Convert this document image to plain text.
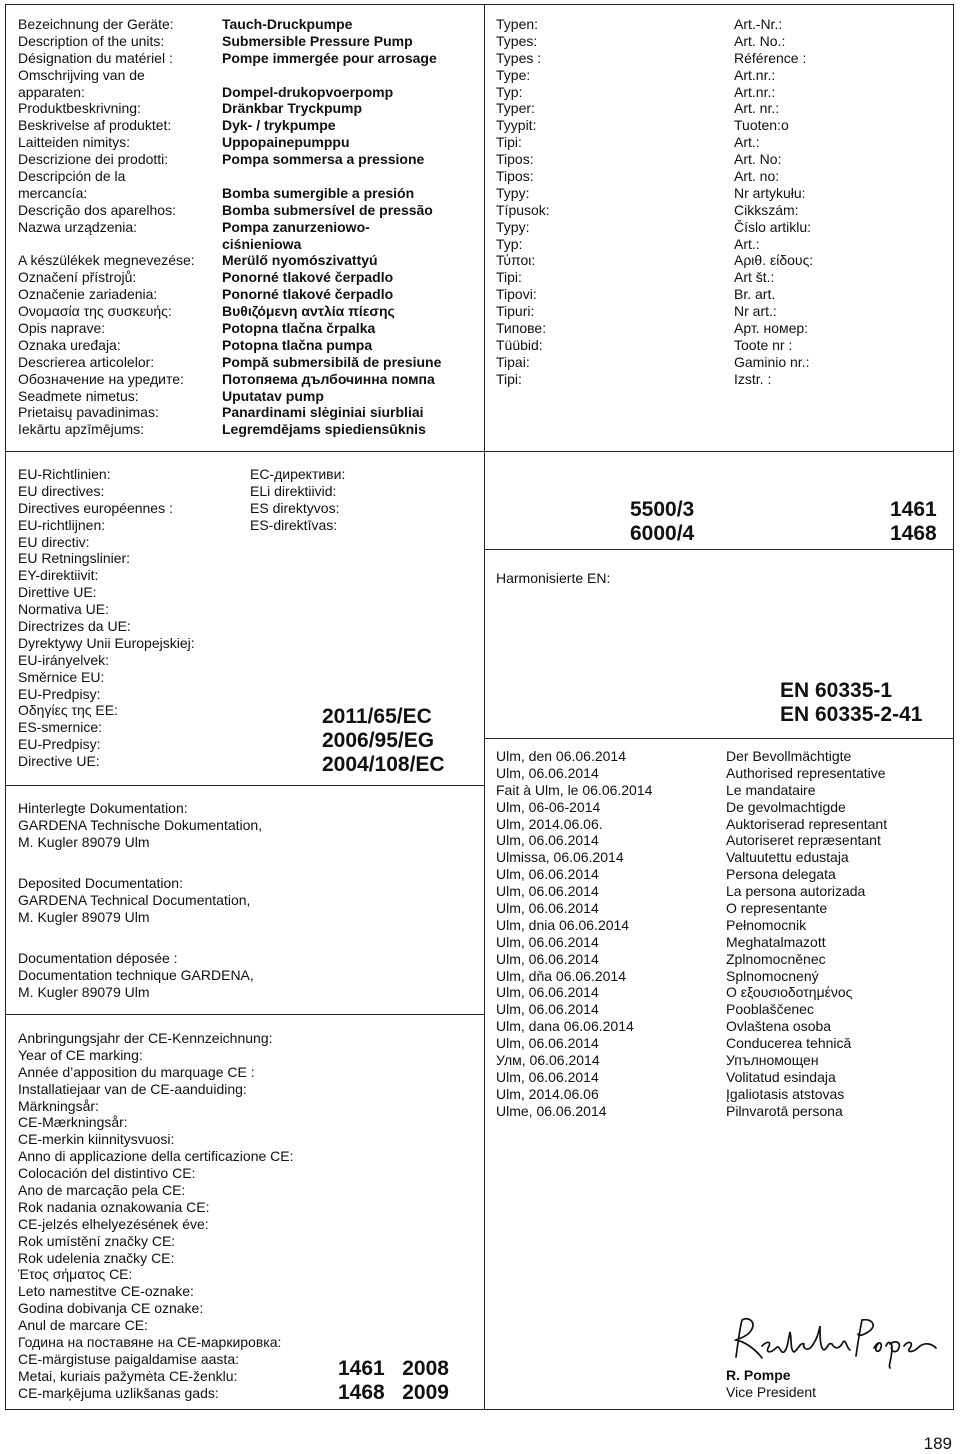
Bezeichnung der Geräte:
Description of the units:
Désignation du matériel :
Omschrijving van de
apparaten:
Produktbeskrivning:
Beskrivelse af produktet:
Laitteiden nimitys:
Descrizione dei prodotti:
Descripción de la
mercancía:
Descrição dos aparelhos:
Nazwa urządzenia:
A készülékek megnevezése:
Označení přístrojů:
Označenie zariadenia:
Ονομασία της συσκευής:
Opis naprave:
Oznaka uređaja:
Descrierea articolelor:
Обозначение на уредите:
Seadmete nimetus:
Prietaisų pavadinimas:
Iekārtu apzīmējums:
Tauch-Druckpumpe
Submersible Pressure Pump
Pompe immergée pour arrosage
Dompel-drukopvoerpomp
Dränkbar Tryckpump
Dyk- / trykpumpe
Uppopainepumppu
Pompa sommersa a pressione
Bomba sumergible a presión
Bomba submersível de pressão
Pompa zanurzeniowo-
ciśnieniowa
Merülő nyomószivattyú
Ponorné tlakové čerpadlo
Ponorné tlakové čerpadlo
Βυθιζόμενη αντλία πίεσης
Potopna tlačna črpalka
Potopna tlačna pumpa
Pompă submersibilă de presiune
Потопяема дълбочинна помпа
Uputatav pump
Panardinami slėginiai siurbliai
Legremdējams spiediensūknis
Typen:
Types:
Types :
Type:
Typ:
Typer:
Tyypit:
Tipi:
Tipos:
Tipos:
Typy:
Típusok:
Typy:
Typ:
Τύποι:
Tipi:
Tipovi:
Tipuri:
Типове:
Tüübid:
Tipai:
Tipi:
Art.-Nr.:
Art. No.:
Référence :
Art.nr.:
Art.nr.:
Art. nr.:
Tuoten:o
Art.:
Art. No:
Art. no:
Nr artykułu:
Cikkszám:
Číslo artiklu:
Art.:
Αριθ. είδους:
Art št.:
Br. art.
Nr art.:
Арт. номер:
Toote nr :
Gaminio nr.:
Izstr. :
EU-Richtlinien:
EU directives:
Directives européennes :
EU-richtlijnen:
EU directiv:
EU Retningslinier:
EY-direktiivit:
Direttive UE:
Normativa UE:
Directrizes da UE:
Dyrektywy Unii Europejskiej:
EU-irányelvek:
Směrnice EU:
EU-Predpisy:
Οδηγίες της ΕΕ:
ES-smernice:
EU-Predpisy:
Directive UE:
ЕС-директиви:
ELi direktiivid:
ES direktyvos:
ES-direktīvas:
2011/65/EC
2006/95/EG
2004/108/EC
5500/3
6000/4
1461
1468
Harmonisierte EN:
EN 60335-1
EN 60335-2-41
Hinterlegte Dokumentation:
GARDENA Technische Dokumentation,
M. Kugler 89079 Ulm
Deposited Documentation:
GARDENA Technical Documentation,
M. Kugler 89079 Ulm
Documentation déposée :
Documentation technique GARDENA,
M. Kugler 89079 Ulm
Anbringungsjahr der CE-Kennzeichnung:
Year of CE marking:
Année d’apposition du marquage CE :
Installatiejaar van de CE-aanduiding:
Märkningsår:
CE-Mærkningsår:
CE-merkin kiinnitysvuosi:
Anno di applicazione della certificazione CE:
Colocación del distintivo CE:
Ano de marcação pela CE:
Rok nadania oznakowania CE:
CE-jelzés elhelyezésének éve:
Rok umístění značky CE:
Rok udelenia značky CE:
Έτος σήματος CE:
Leto namestitve CE-oznake:
Godina dobivanja CE oznake:
Anul de marcare CE:
Година на поставяне на CE-маркировка:
CE-märgistuse paigaldamise aasta:
Metai, kuriais pažymėta CE-ženklu:
CE-marķējuma uzlikšanas gads:
1461 2008
1468 2009
Ulm, den 06.06.2014
Ulm, 06.06.2014
Fait à Ulm, le 06.06.2014
Ulm, 06-06-2014
Ulm, 2014.06.06.
Ulm, 06.06.2014
Ulmissa, 06.06.2014
Ulm, 06.06.2014
Ulm, 06.06.2014
Ulm, 06.06.2014
Ulm, dnia 06.06.2014
Ulm, 06.06.2014
Ulm, 06.06.2014
Ulm, dňa 06.06.2014
Ulm, 06.06.2014
Ulm, 06.06.2014
Ulm, dana 06.06.2014
Ulm, 06.06.2014
Улм, 06.06.2014
Ulm, 06.06.2014
Ulm, 2014.06.06
Ulme, 06.06.2014
Der Bevollmächtigte
Authorised representative
Le mandataire
De gevolmachtigde
Auktoriserad representant
Autoriseret repræsentant
Valtuutettu edustaja
Persona delegata
La persona autorizada
O representante
Pełnomocnik
Meghatalmazott
Zplnomocněnec
Splnomocnený
Ο εξουσιοδοτημένος
Pooblaščenec
Ovlaštena osoba
Conducerea tehnică
Упълномощен
Volitatud esindaja
Įgaliotasis atstovas
Pilnvarotā persona
R. Pompe
Vice President
189
